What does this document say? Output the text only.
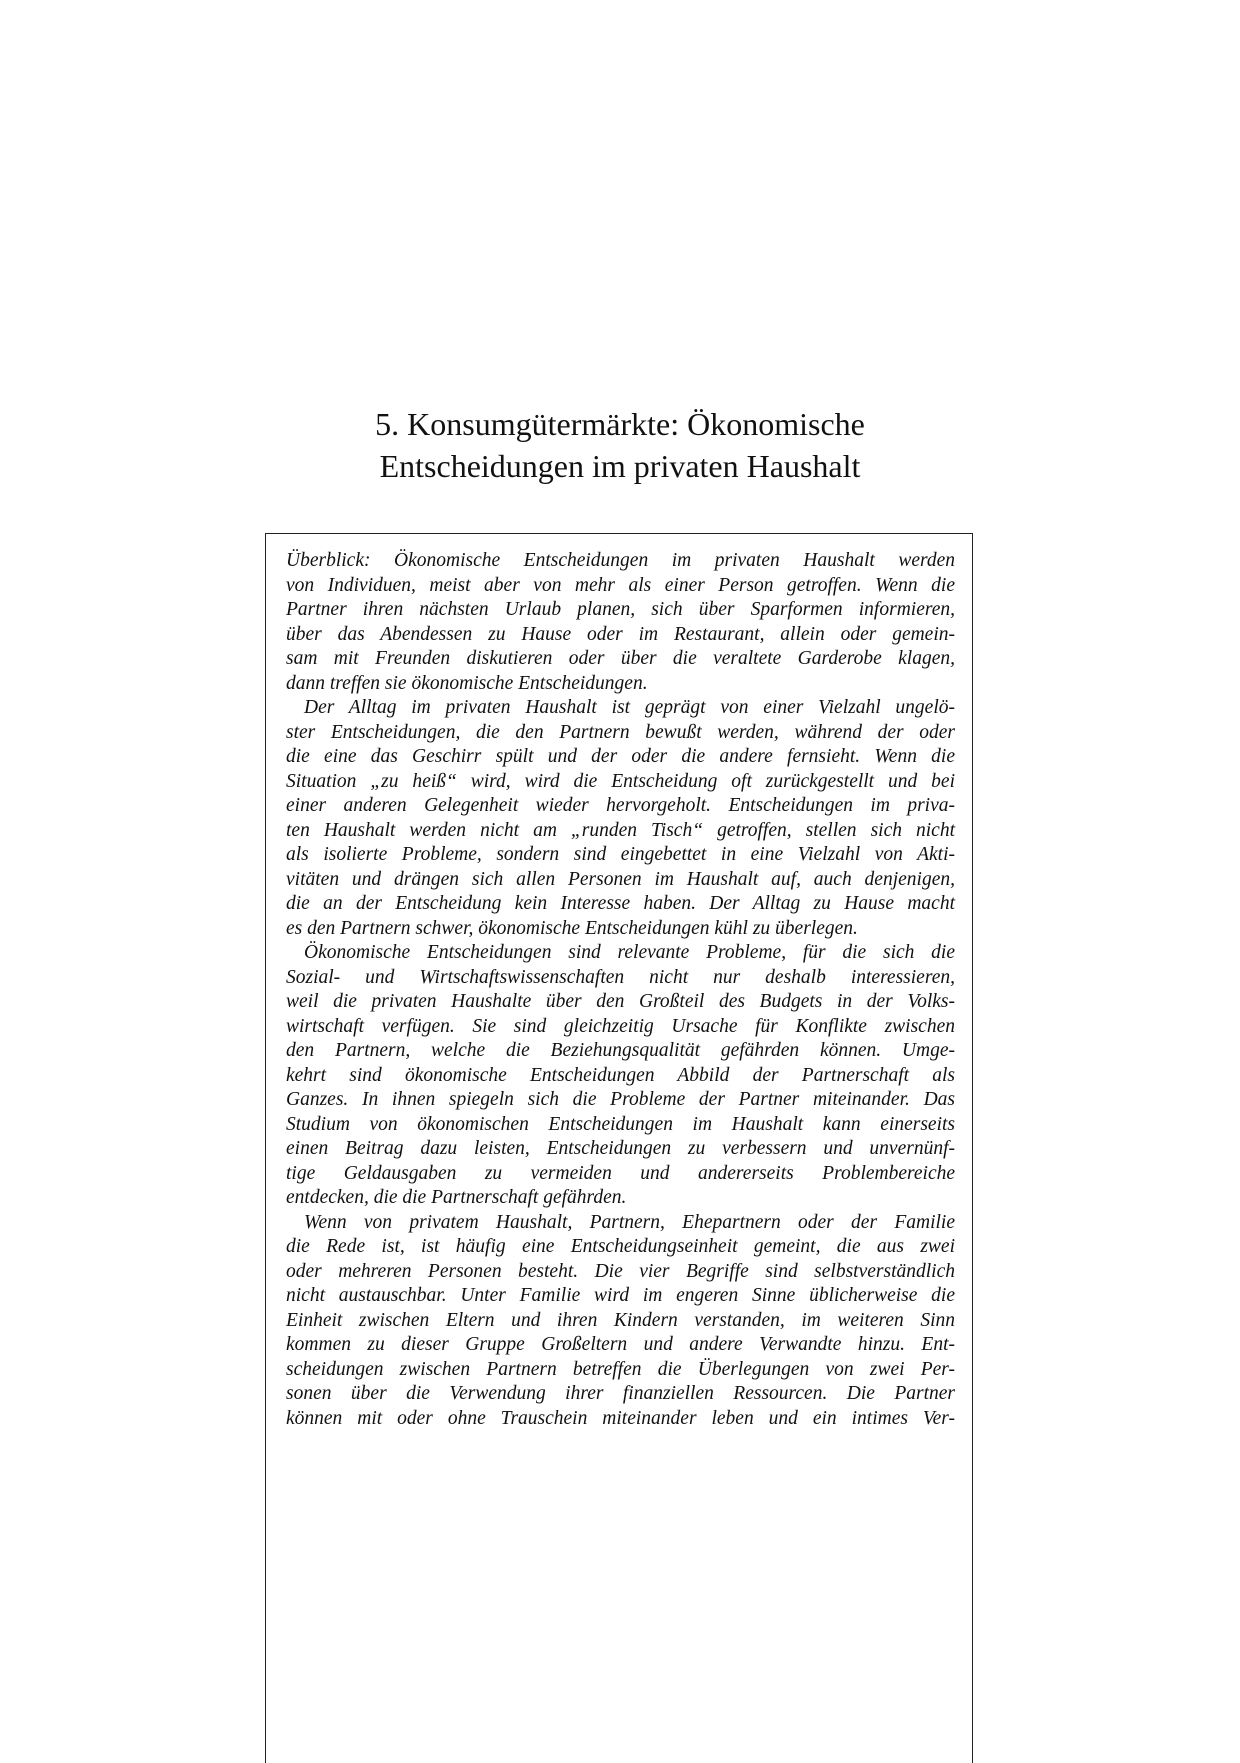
5. Konsumgütermärkte: Ökonomische
Entscheidungen im privaten Haushalt
Überblick: Ökonomische Entscheidungen im privaten Haushalt werden
von Individuen, meist aber von mehr als einer Person getroffen. Wenn die
Partner ihren nächsten Urlaub planen, sich über Sparformen informieren,
über das Abendessen zu Hause oder im Restaurant, allein oder gemein-
sam mit Freunden diskutieren oder über die veraltete Garderobe klagen,
dann treffen sie ökonomische Entscheidungen.
Der Alltag im privaten Haushalt ist geprägt von einer Vielzahl ungelö-
ster Entscheidungen, die den Partnern bewußt werden, während der oder
die eine das Geschirr spült und der oder die andere fernsieht. Wenn die
Situation „zu heiß“ wird, wird die Entscheidung oft zurückgestellt und bei
einer anderen Gelegenheit wieder hervorgeholt. Entscheidungen im priva-
ten Haushalt werden nicht am „runden Tisch“ getroffen, stellen sich nicht
als isolierte Probleme, sondern sind eingebettet in eine Vielzahl von Akti-
vitäten und drängen sich allen Personen im Haushalt auf, auch denjenigen,
die an der Entscheidung kein Interesse haben. Der Alltag zu Hause macht
es den Partnern schwer, ökonomische Entscheidungen kühl zu überlegen.
Ökonomische Entscheidungen sind relevante Probleme, für die sich die
Sozial- und Wirtschaftswissenschaften nicht nur deshalb interessieren,
weil die privaten Haushalte über den Großteil des Budgets in der Volks-
wirtschaft verfügen. Sie sind gleichzeitig Ursache für Konflikte zwischen
den Partnern, welche die Beziehungsqualität gefährden können. Umge-
kehrt sind ökonomische Entscheidungen Abbild der Partnerschaft als
Ganzes. In ihnen spiegeln sich die Probleme der Partner miteinander. Das
Studium von ökonomischen Entscheidungen im Haushalt kann einerseits
einen Beitrag dazu leisten, Entscheidungen zu verbessern und unvernünf-
tige Geldausgaben zu vermeiden und andererseits Problembereiche
entdecken, die die Partnerschaft gefährden.
Wenn von privatem Haushalt, Partnern, Ehepartnern oder der Familie
die Rede ist, ist häufig eine Entscheidungseinheit gemeint, die aus zwei
oder mehreren Personen besteht. Die vier Begriffe sind selbstverständlich
nicht austauschbar. Unter Familie wird im engeren Sinne üblicherweise die
Einheit zwischen Eltern und ihren Kindern verstanden, im weiteren Sinn
kommen zu dieser Gruppe Großeltern und andere Verwandte hinzu. Ent-
scheidungen zwischen Partnern betreffen die Überlegungen von zwei Per-
sonen über die Verwendung ihrer finanziellen Ressourcen. Die Partner
können mit oder ohne Trauschein miteinander leben und ein intimes Ver-
